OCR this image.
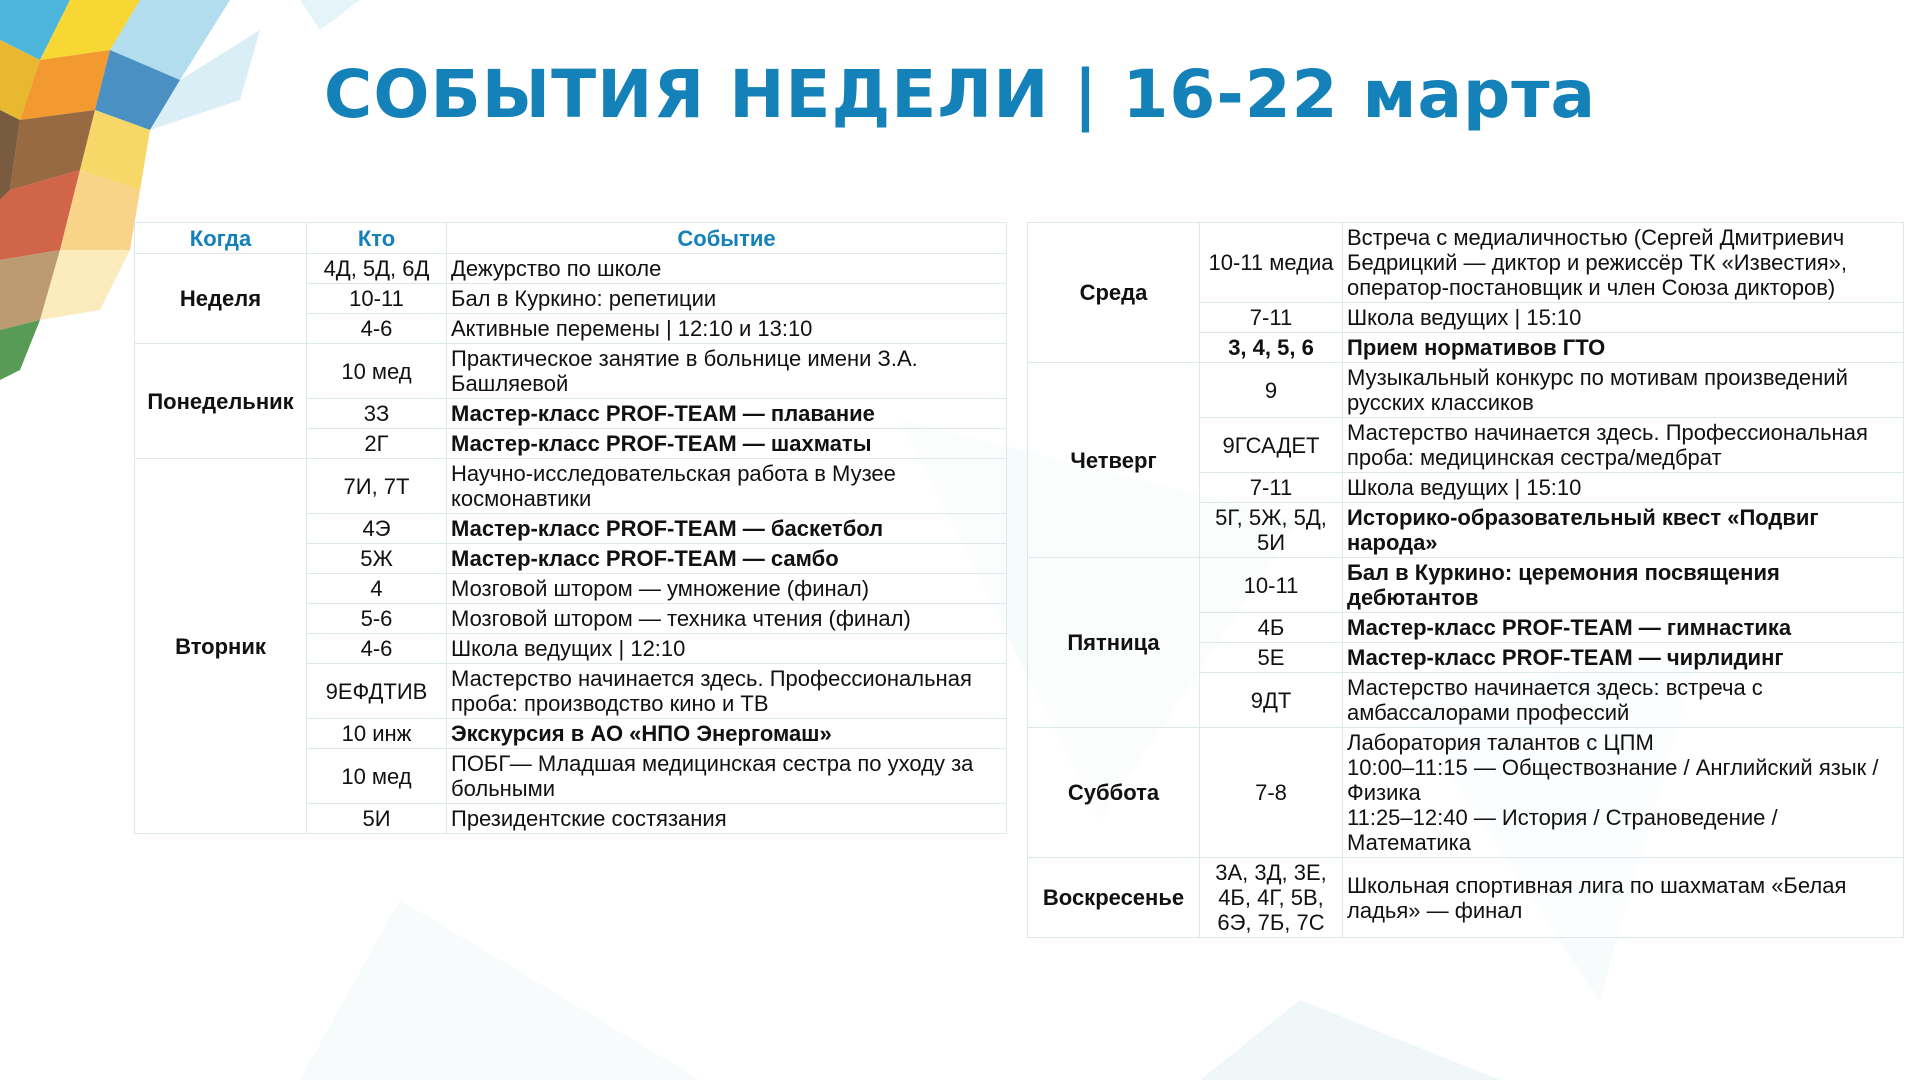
СОБЫТИЯ НЕДЕЛИ | 16-22 марта
Когда	Кто	Событие
Неделя	4Д, 5Д, 6Д	Дежурство по школе
	10-11	Бал в Куркино: репетиции
	4-6	Активные перемены | 12:10 и 13:10
Понедельник	10 мед	Практическое занятие в больнице имени З.А. Башляевой
	3З	Мастер-класс PROF-TEAM — плавание
	2Г	Мастер-класс PROF-TEAM — шахматы
Вторник	7И, 7Т	Научно-исследовательская работа в Музее космонавтики
	4Э	Мастер-класс PROF-TEAM — баскетбол
	5Ж	Мастер-класс PROF-TEAM — самбо
	4	Мозговой штором — умножение (финал)
	5-6	Мозговой штором — техника чтения (финал)
	4-6	Школа ведущих | 12:10
	9ЕФДТИВ	Мастерство начинается здесь. Профессиональная проба: производство кино и ТВ
	10 инж	Экскурсия в АО «НПО Энергомаш»
	10 мед	ПОБГ— Младшая медицинская сестра по уходу за больными
	5И	Президентские состязания
Среда	10-11 медиа	Встреча с медиаличностью (Сергей Дмитриевич Бедрицкий — диктор и режиссёр ТК «Известия», оператор-постановщик и член Союза дикторов)
	7-11	Школа ведущих | 15:10
	3, 4, 5, 6	Прием нормативов ГТО
Четверг	9	Музыкальный конкурс по мотивам произведений русских классиков
	9ГСАДЕТ	Мастерство начинается здесь. Профессиональная проба: медицинская сестра/медбрат
	7-11	Школа ведущих | 15:10
	5Г, 5Ж, 5Д, 5И	Историко-образовательный квест «Подвиг народа»
Пятница	10-11	Бал в Куркино: церемония посвящения дебютантов
	4Б	Мастер-класс PROF-TEAM — гимнастика
	5Е	Мастер-класс PROF-TEAM — чирлидинг
	9ДТ	Мастерство начинается здесь: встреча с амбассалорами профессий
Суббота	7-8	Лаборатория талантов с ЦПМ
10:00–11:15 — Обществознание / Английский язык / Физика
11:25–12:40 — История / Страноведение / Математика
Воскресенье	3А, 3Д, 3Е, 4Б, 4Г, 5В, 6Э, 7Б, 7С	Школьная спортивная лига по шахматам «Белая ладья» — финал
